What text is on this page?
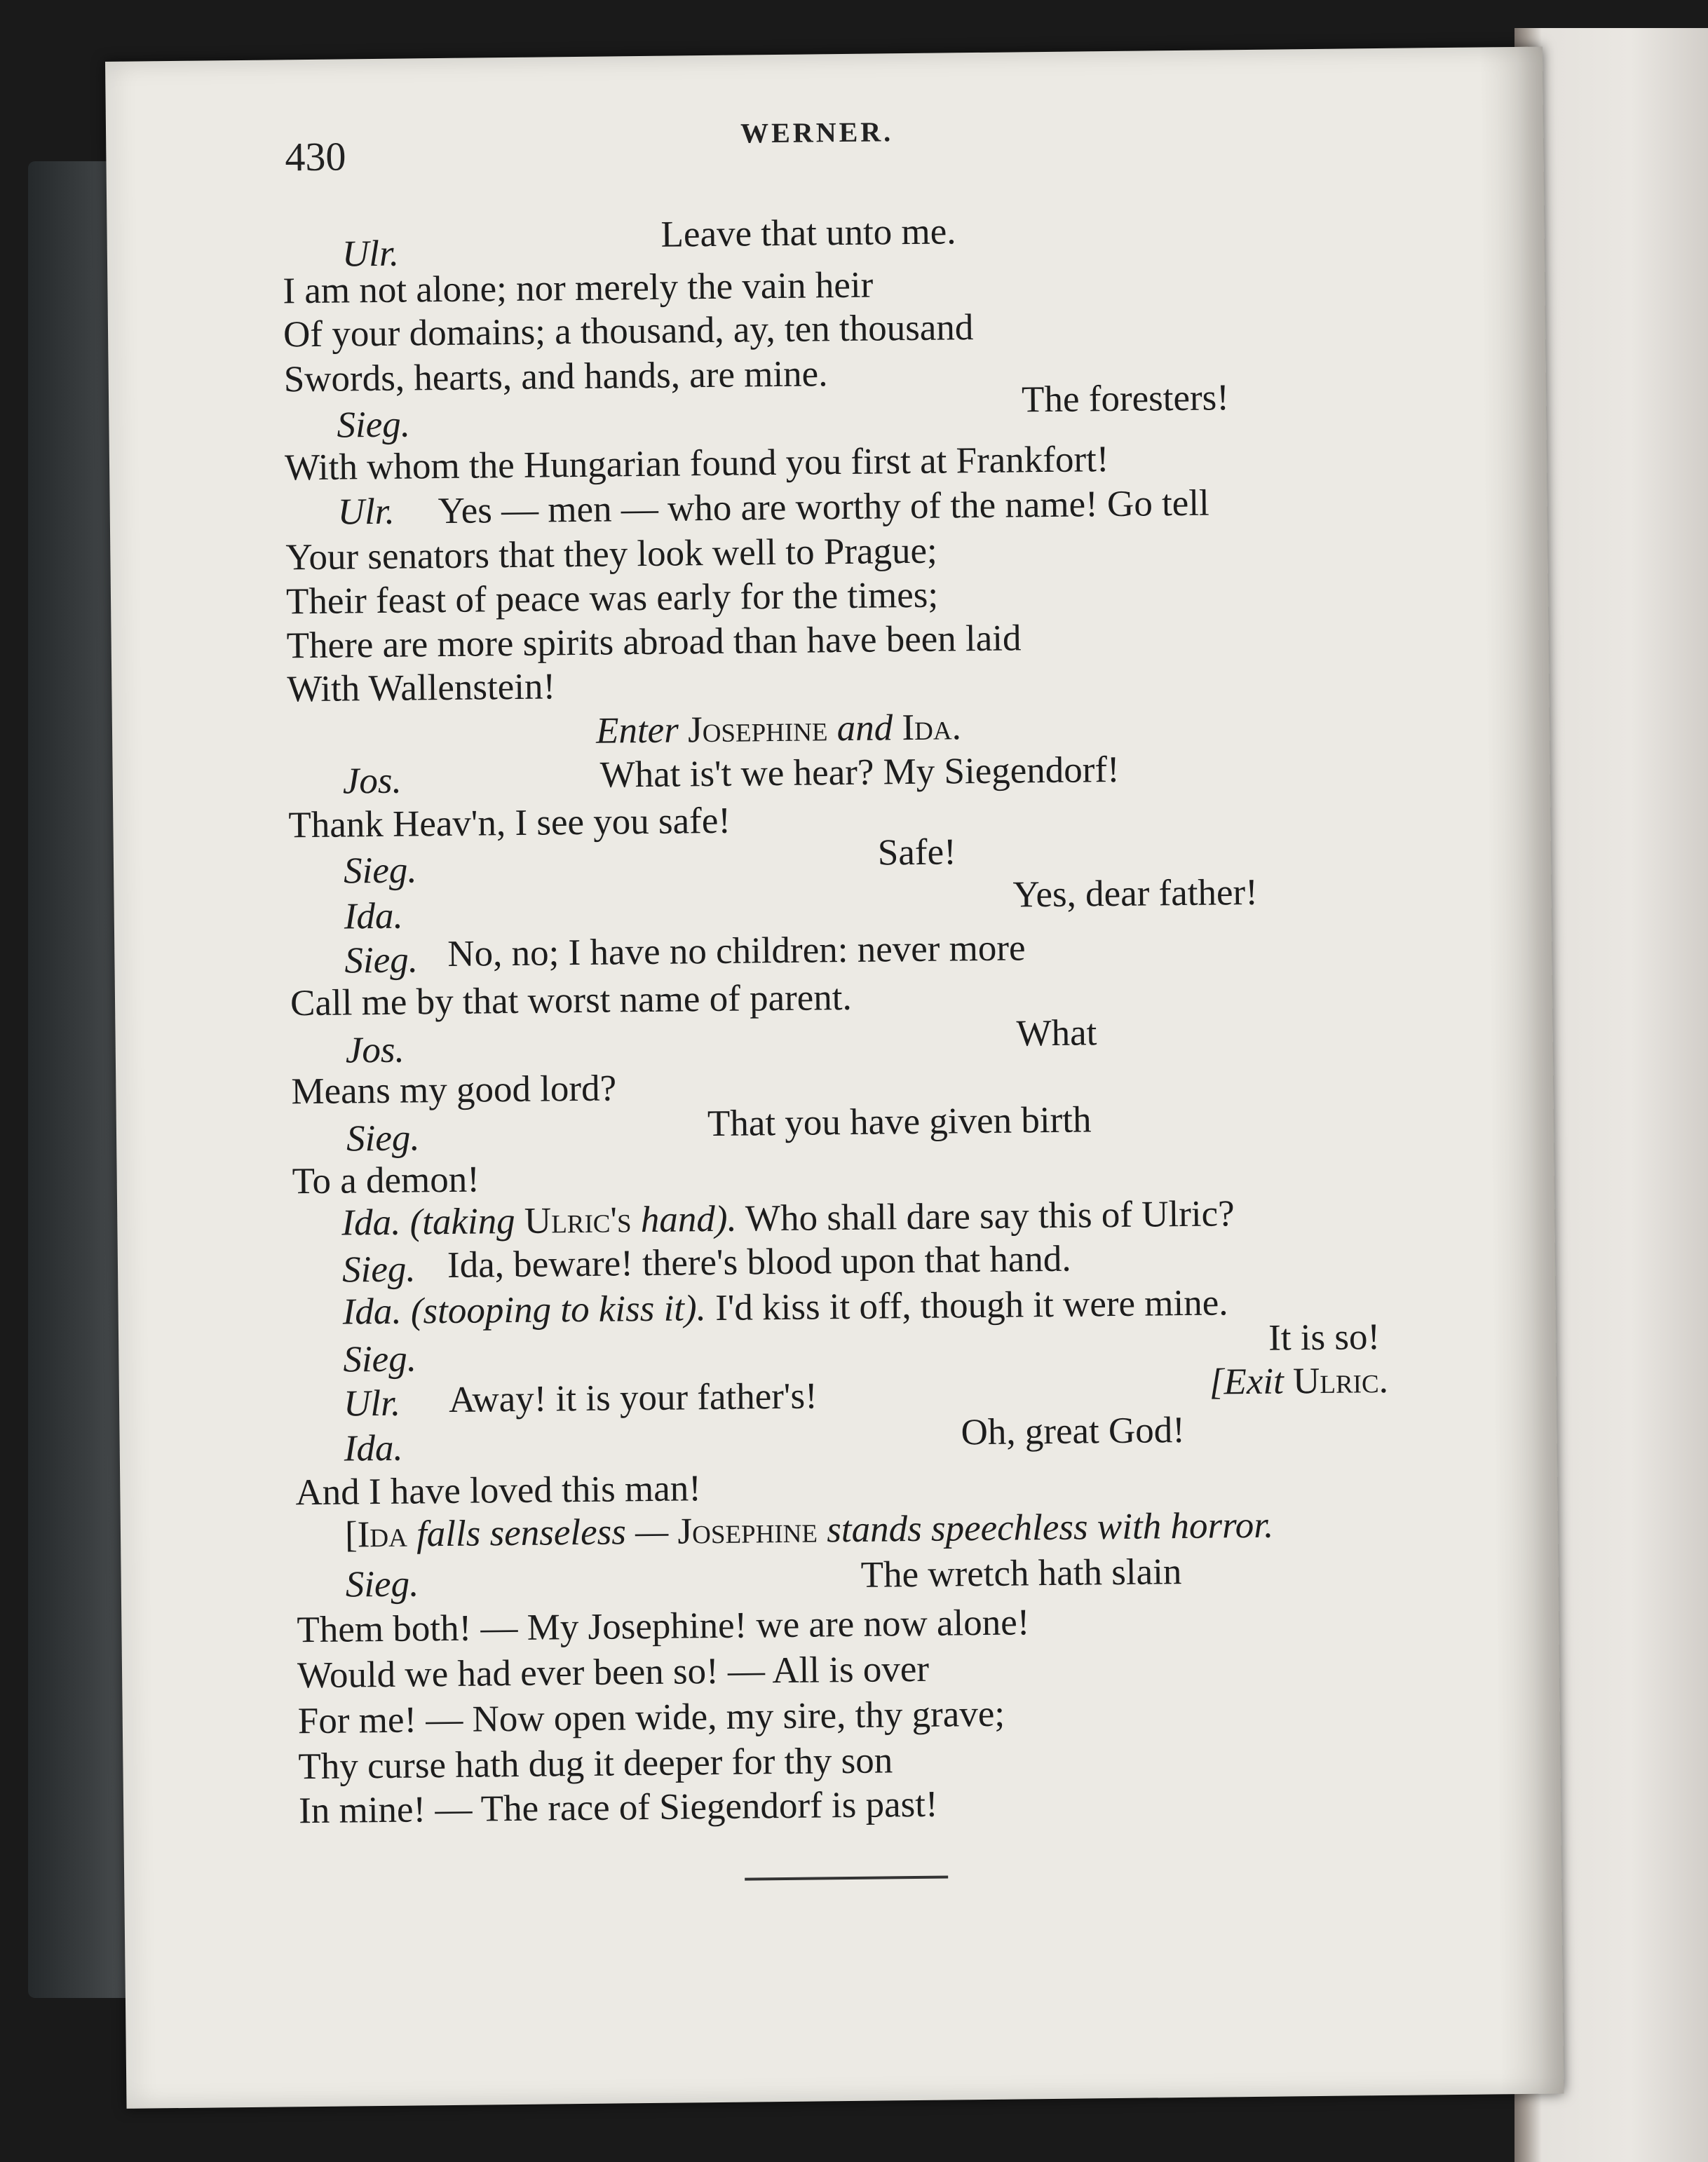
430
WERNER.
Ulr.	Leave that unto me.
I am not alone; nor merely the vain heir
Of your domains; a thousand, ay, ten thousand
Swords, hearts, and hands, are mine.
Sieg.
The foresters!
With whom the Hungarian found you first at Frankfort!
Ulr. Yes — men — who are worthy of the name! Go tell
Your senators that they look well to Prague;
Their feast of peace was early for the times;
There are more spirits abroad than have been laid
With Wallenstein!
Enter Josephine and Ida.
Jos.	What is't we hear? My Siegendorf!
Thank Heav'n, I see you safe!
Sieg.	Safe!
Ida.
Yes, dear father!
Sieg. No, no; I have no children: never more
Call me by that worst name of parent.
Jos.	What
Means my good lord?
Sieg.	That you have given birth
To a demon!
Ida. (taking Ulric's hand). Who shall dare say this of Ulric?
Sieg. Ida, beware! there's blood upon that hand.
Ida. (stooping to kiss it). I'd kiss it off, though it were mine.
Sieg.
It is so!
Ulr. Away! it is your father's!	[Exit Ulric.
Ida.	Oh, great God!
And I have loved this man!
[Ida falls senseless — Josephine stands speechless with horror.
Sieg.	The wretch hath slain
Them both! — My Josephine! we are now alone!
Would we had ever been so! — All is over
For me! — Now open wide, my sire, thy grave;
Thy curse hath dug it deeper for thy son
In mine! — The race of Siegendorf is past!
